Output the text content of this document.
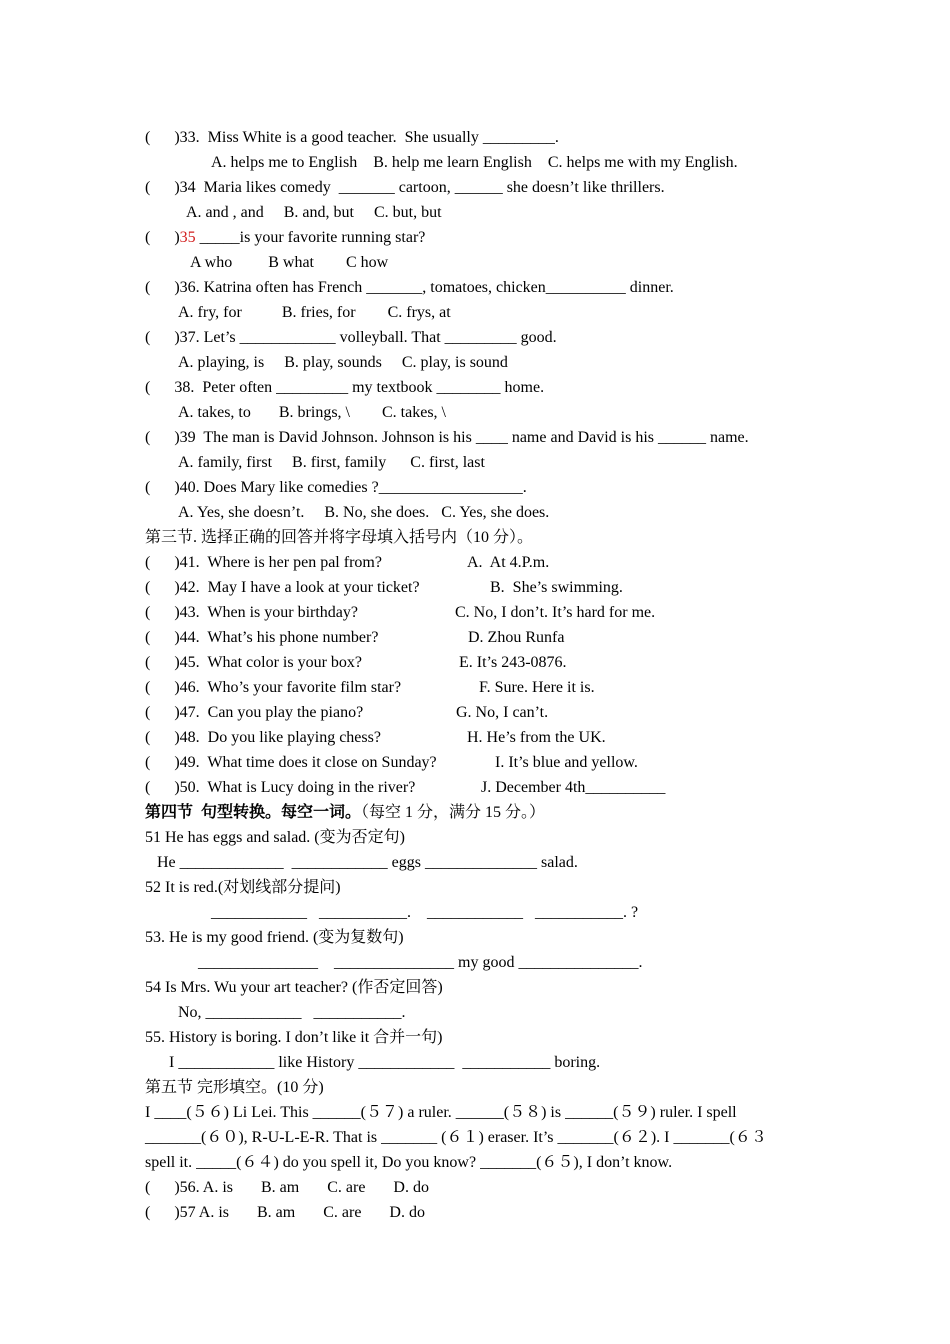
(      )33.  Miss White is a good teacher.  She usually _________.
A. helps me to English    B. help me learn English    C. helps me with my English.
(      )34  Maria likes comedy  _______ cartoon, ______ she doesn’t like thrillers.
A. and , and     B. and, but     C. but, but
(      )35 _____is your favorite running star?
A who         B what        C how
(      )36. Katrina often has French _______, tomatoes, chicken__________ dinner.
A. fry, for          B. fries, for        C. frys, at
(      )37. Let’s ____________ volleyball. That _________ good.
A. playing, is     B. play, sounds     C. play, is sound
(      38.  Peter often _________ my textbook ________ home.
A. takes, to       B. brings, \        C. takes, \
(      )39  The man is David Johnson. Johnson is his ____ name and David is his ______ name.
A. family, first     B. first, family      C. first, last
(      )40. Does Mary like comedies ?__________________.
A. Yes, she doesn’t.     B. No, she does.   C. Yes, she does.
第三节. 选择正确的回答并将字母填入括号内（10 分）。
(      )41.  Where is her pen pal from?	A.  At 4.P.m.
(      )42.  May I have a look at your ticket?	B.  She’s swimming.
(      )43.  When is your birthday?	C. No, I don’t. It’s hard for me.
(      )44.  What’s his phone number?	D. Zhou Runfa
(      )45.  What color is your box?	E. It’s 243-0876.
(      )46.  Who’s your favorite film star?	F. Sure. Here it is.
(      )47.  Can you play the piano?	G. No, I can’t.
(      )48.  Do you like playing chess?	H. He’s from the UK.
(      )49.  What time does it close on Sunday?	I. It’s blue and yellow.
(      )50.  What is Lucy doing in the river?	J. December 4th__________
第四节  句型转换。每空一词。（每空 1 分，满分 15 分。）
51 He has eggs and salad. (变为否定句)
He _____________  ____________ eggs ______________ salad.
52 It is red.(对划线部分提问)
____________   ___________.    ____________   ___________. ?
53. He is my good friend. (变为复数句)
_______________    _______________ my good _______________.
54 Is Mrs. Wu your art teacher? (作否定回答)
No, ____________   ___________.
55. History is boring. I don’t like it 合并一句)
I ____________ like History ____________  ___________ boring.
第五节 完形填空。(10 分)
I ____(５６) Li Lei. This ______(５７) a ruler. ______(５８) is ______(５９) ruler. I spell
_______(６０), R-U-L-E-R. That is _______ (６１) eraser. It’s _______(６２). I _______(６３
spell it. _____(６４) do you spell it, Do you know? _______(６５), I don’t know.
(      )56. A. is       B. am       C. are       D. do
(      )57 A. is       B. am       C. are       D. do
